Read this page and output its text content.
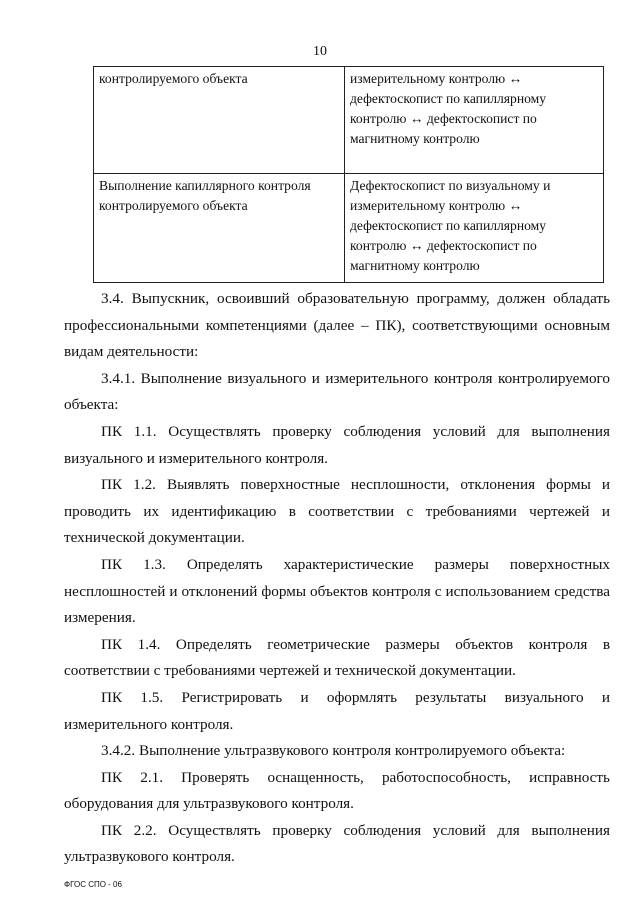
10
контролируемого объекта	измерительному контролю ↔ дефектоскопист по капиллярному контролю ↔ дефектоскопист по магнитному контролю
Выполнение капиллярного контроля контролируемого объекта	Дефектоскопист по визуальному и измерительному контролю ↔ дефектоскопист по капиллярному контролю ↔ дефектоскопист по магнитному контролю

3.4. Выпускник, освоивший образовательную программу, должен обладать профессиональными компетенциями (далее – ПК), соответствующими основным видам деятельности:

3.4.1. Выполнение визуального и измерительного контроля контролируемого объекта:

ПК 1.1. Осуществлять проверку соблюдения условий для выполнения визуального и измерительного контроля.

ПК 1.2. Выявлять поверхностные несплошности, отклонения формы и проводить их идентификацию в соответствии с требованиями чертежей и технической документации.

ПК 1.3. Определять характеристические размеры поверхностных несплошностей и отклонений формы объектов контроля с использованием средства измерения.

ПК 1.4. Определять геометрические размеры объектов контроля в соответствии с требованиями чертежей и технической документации.

ПК 1.5. Регистрировать и оформлять результаты визуального и измерительного контроля.

3.4.2. Выполнение ультразвукового контроля контролируемого объекта:

ПК 2.1. Проверять оснащенность, работоспособность, исправность оборудования для ультразвукового контроля.

ПК 2.2. Осуществлять проверку соблюдения условий для выполнения ультразвукового контроля.

ФГОС СПО - 06
